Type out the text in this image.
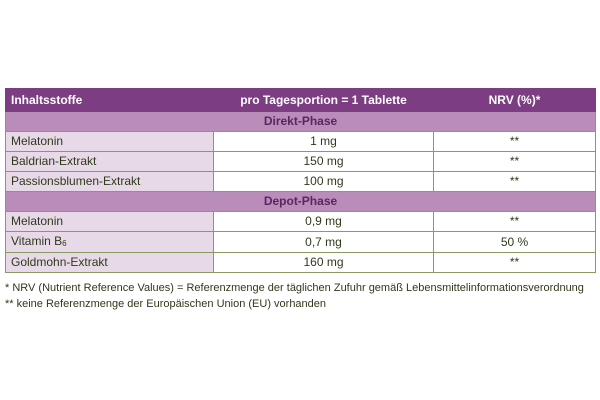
Inhaltsstoffe	pro Tagesportion = 1 Tablette	NRV (%)*
Direkt-Phase		
Melatonin	1 mg	**
Baldrian-Extrakt	150 mg	**
Passionsblumen-Extrakt	100 mg	**
Depot-Phase		
Melatonin	0,9 mg	**
Vitamin $B_6$	0,7 mg	50 %
Goldmohn-Extrakt	160 mg	**
* NRV (Nutrient Reference Values) = Referenzmenge der täglichen Zufuhr gemäß Lebensmittelinformationsverordnung
** keine Referenzmenge der Europäischen Union (EU) vorhanden
